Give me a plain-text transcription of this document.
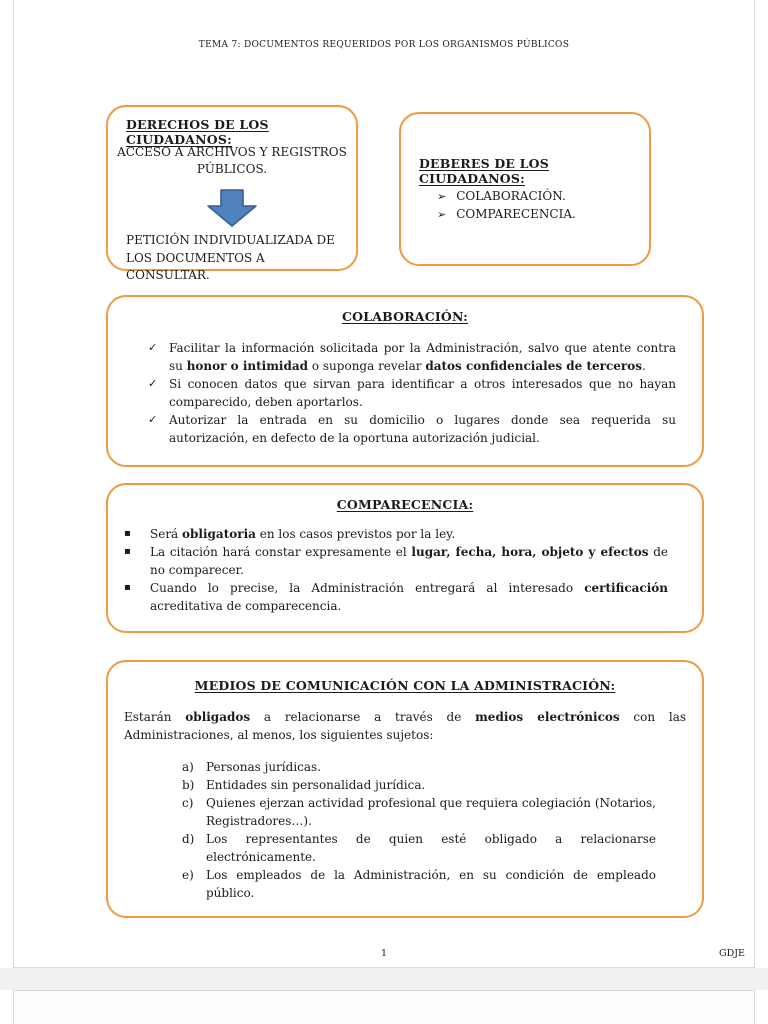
TEMA 7: DOCUMENTOS REQUERIDOS POR LOS ORGANISMOS PÚBLICOS
DERECHOS DE LOS CIUDADANOS:
ACCESO A ARCHIVOS Y REGISTROS PÚBLICOS.
PETICIÓN INDIVIDUALIZADA DE LOS DOCUMENTOS A CONSULTAR.
DEBERES DE LOS CIUDADANOS:
➢ COLABORACIÓN.
➢ COMPARECENCIA.
COLABORACIÓN:
✓ Facilitar la información solicitada por la Administración, salvo que atente contra su honor o intimidad o suponga revelar datos confidenciales de terceros.
✓ Si conocen datos que sirvan para identificar a otros interesados que no hayan comparecido, deben aportarlos.
✓ Autorizar la entrada en su domicilio o lugares donde sea requerida su autorización, en defecto de la oportuna autorización judicial.
COMPARECENCIA:
▪	Será obligatoria en los casos previstos por la ley.
▪	La citación hará constar expresamente el lugar, fecha, hora, objeto y efectos de no comparecer.
▪	Cuando lo precise, la Administración entregará al interesado certificación acreditativa de comparecencia.
MEDIOS DE COMUNICACIÓN CON LA ADMINISTRACIÓN:
Estarán obligados a relacionarse a través de medios electrónicos con las Administraciones, al menos, los siguientes sujetos:
a)	Personas jurídicas.
b) Entidades sin personalidad jurídica.
c)	Quienes ejerzan actividad profesional que requiera colegiación (Notarios, Registradores…).
d) Los representantes de quien esté obligado a relacionarse electrónicamente.
e)	Los empleados de la Administración, en su condición de empleado público.
1	GDJE
